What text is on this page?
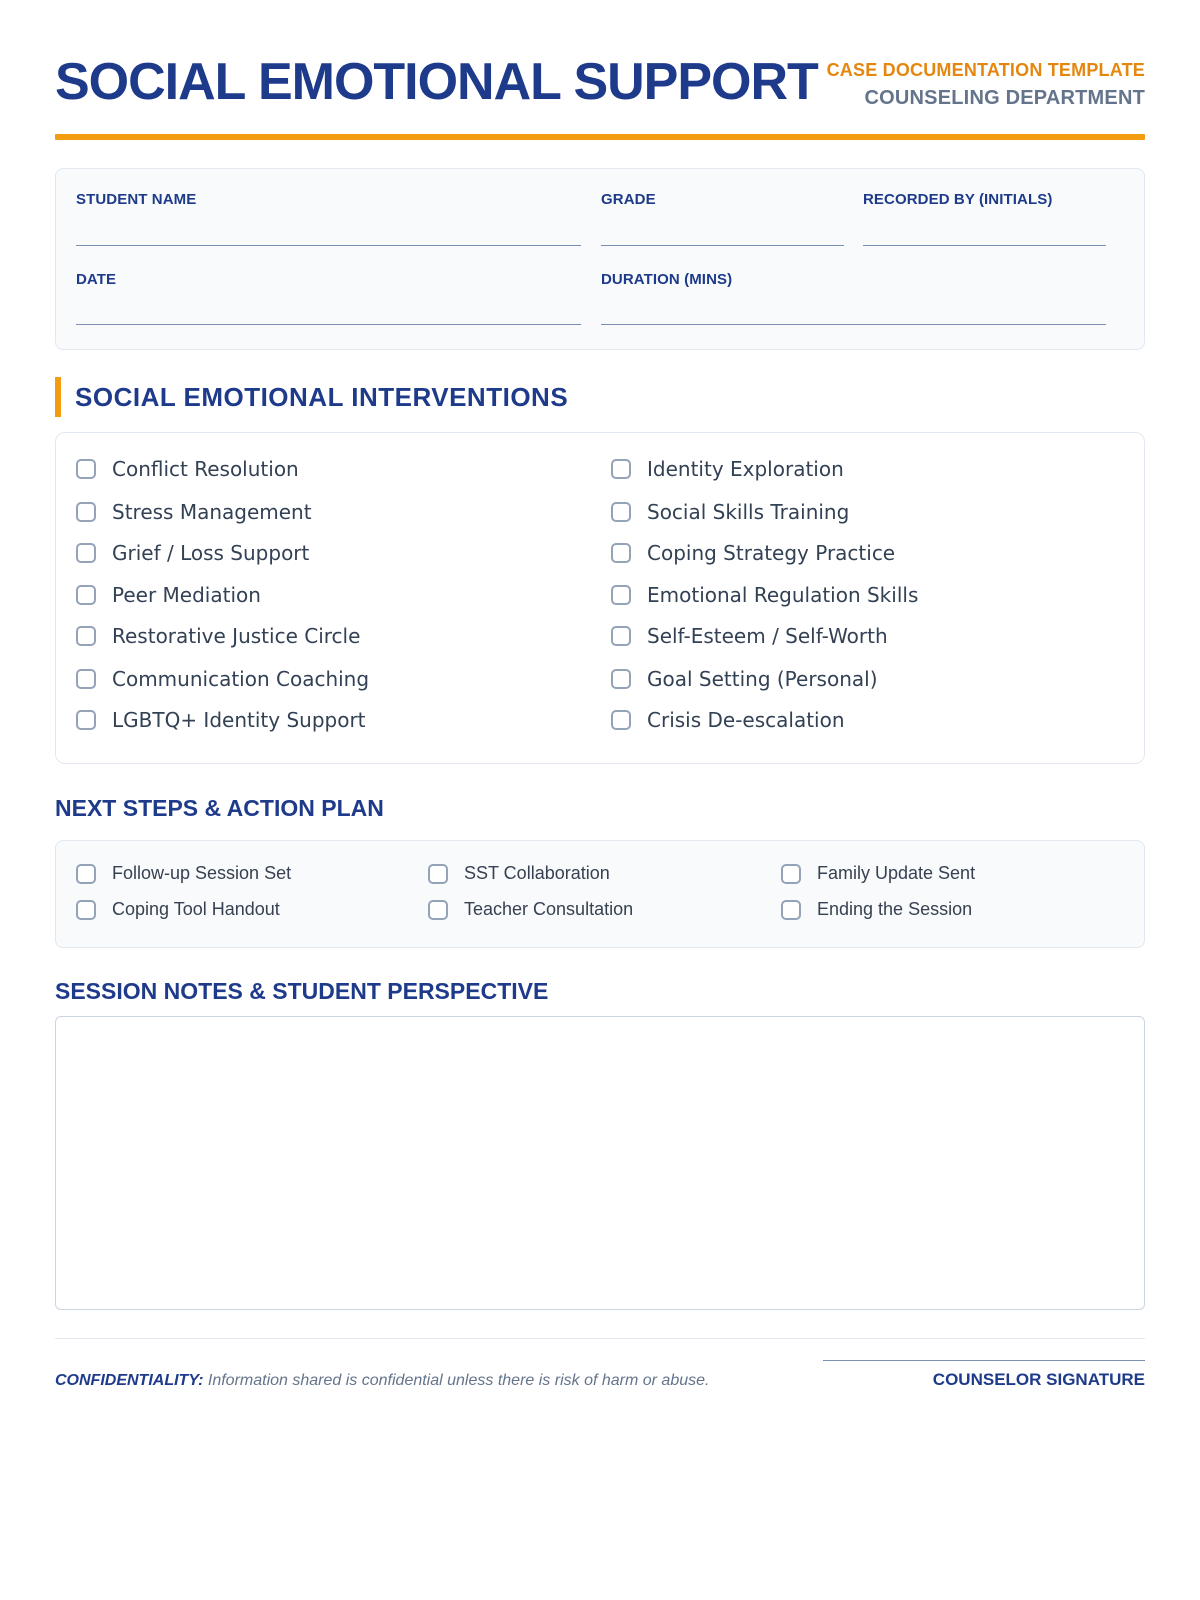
SOCIAL EMOTIONAL SUPPORT CASE DOCUMENTATION TEMPLATE
COUNSELING DEPARTMENT
STUDENT NAME	GRADE	RECORDED BY (INITIALS)
DATE	DURATION (MINS)
SOCIAL EMOTIONAL INTERVENTIONS
Conflict Resolution
Stress Management
Grief / Loss Support
Peer Mediation
Restorative Justice Circle
Communication Coaching
LGBTQ+ Identity Support
Identity Exploration
Social Skills Training
Coping Strategy Practice
Emotional Regulation Skills
Self-Esteem / Self-Worth
Goal Setting (Personal)
Crisis De-escalation
NEXT STEPS & ACTION PLAN
Follow-up Session Set	SST Collaboration	Family Update Sent
Coping Tool Handout	Teacher Consultation	Ending the Session
SESSION NOTES & STUDENT PERSPECTIVE
CONFIDENTIALITY: Information shared is confidential unless there is risk of harm or abuse.	COUNSELOR SIGNATURE
